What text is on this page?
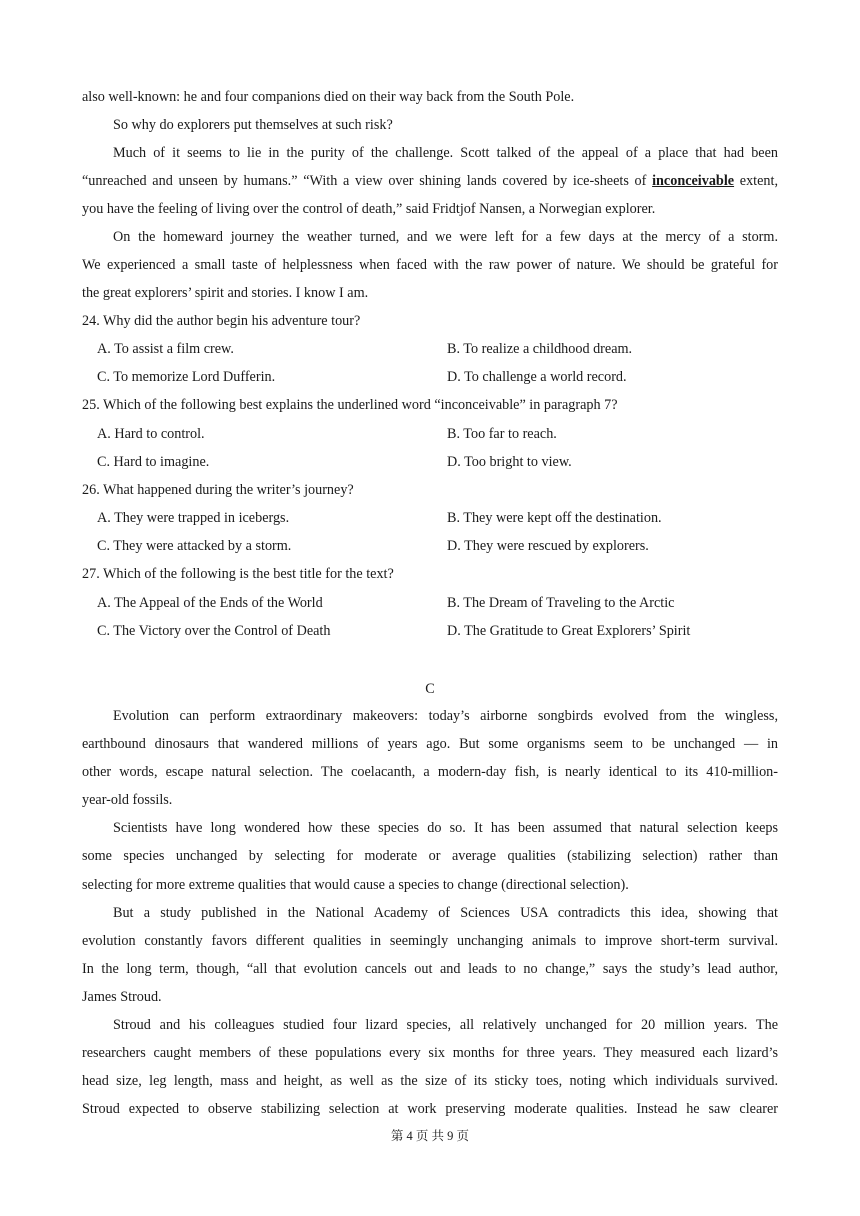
also well-known: he and four companions died on their way back from the South Pole.
So why do explorers put themselves at such risk?
Much of it seems to lie in the purity of the challenge. Scott talked of the appeal of a place that had been
“unreached and unseen by humans.” “With a view over shining lands covered by ice-sheets of inconceivable extent,
you have the feeling of living over the control of death,” said Fridtjof Nansen, a Norwegian explorer.
On the homeward journey the weather turned, and we were left for a few days at the mercy of a storm.
We experienced a small taste of helplessness when faced with the raw power of nature. We should be grateful for
the great explorers’ spirit and stories. I know I am.
24. Why did the author begin his adventure tour?
A. To assist a film crew.	B. To realize a childhood dream.
C. To memorize Lord Dufferin.	D. To challenge a world record.
25. Which of the following best explains the underlined word “inconceivable” in paragraph 7?
A. Hard to control.	B. Too far to reach.
C. Hard to imagine.	D. Too bright to view.
26. What happened during the writer’s journey?
A. They were trapped in icebergs.	B. They were kept off the destination.
C. They were attacked by a storm.	D. They were rescued by explorers.
27. Which of the following is the best title for the text?
A. The Appeal of the Ends of the World	B. The Dream of Traveling to the Arctic
C. The Victory over the Control of Death	D. The Gratitude to Great Explorers’ Spirit
C
Evolution can perform extraordinary makeovers: today’s airborne songbirds evolved from the wingless,
earthbound dinosaurs that wandered millions of years ago. But some organisms seem to be unchanged — in
other words, escape natural selection. The coelacanth, a modern-day fish, is nearly identical to its 410-million-
year-old fossils.
Scientists have long wondered how these species do so. It has been assumed that natural selection keeps
some species unchanged by selecting for moderate or average qualities (stabilizing selection) rather than
selecting for more extreme qualities that would cause a species to change (directional selection).
But a study published in the National Academy of Sciences USA contradicts this idea, showing that
evolution constantly favors different qualities in seemingly unchanging animals to improve short-term survival.
In the long term, though, “all that evolution cancels out and leads to no change,” says the study’s lead author,
James Stroud.
Stroud and his colleagues studied four lizard species, all relatively unchanged for 20 million years. The
researchers caught members of these populations every six months for three years. They measured each lizard’s
head size, leg length, mass and height, as well as the size of its sticky toes, noting which individuals survived.
Stroud expected to observe stabilizing selection at work preserving moderate qualities. Instead he saw clearer
第 4 页 共 9 页
